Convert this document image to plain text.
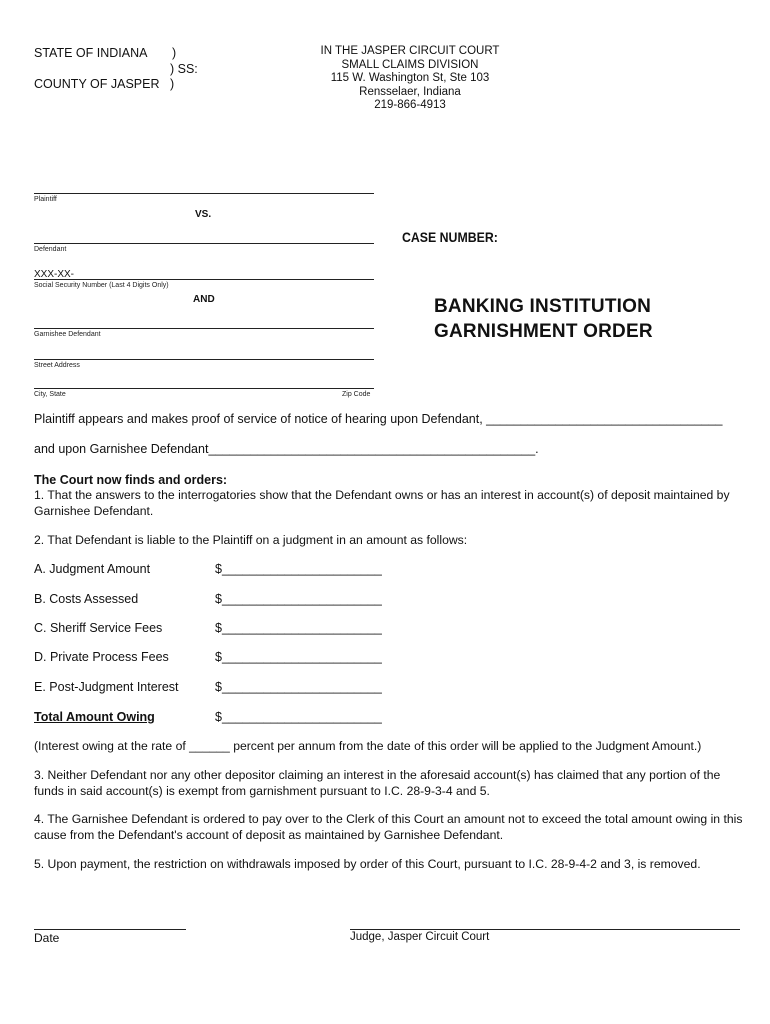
STATE OF INDIANA )
) SS:
COUNTY OF JASPER )
IN THE JASPER CIRCUIT COURT
SMALL CLAIMS DIVISION
115 W. Washington St, Ste 103
Rensselaer, Indiana
219-866-4913
Plaintiff
VS.
Defendant
XXX-XX-
Social Security Number (Last 4 Digits Only)
AND
Garnishee Defendant
Street Address
City, State	Zip Code
CASE NUMBER:
BANKING INSTITUTION
GARNISHMENT ORDER
Plaintiff appears and makes proof of service of notice of hearing upon Defendant, __________________________________
and upon Garnishee Defendant_______________________________________________.
The Court now finds and orders:
1. That the answers to the interrogatories show that the Defendant owns or has an interest in account(s) of deposit maintained by Garnishee Defendant.
2. That Defendant is liable to the Plaintiff on a judgment in an amount as follows:
A. Judgment Amount	$_______________________
B. Costs Assessed	$_______________________
C. Sheriff Service Fees	$_______________________
D. Private Process Fees	$_______________________
E. Post-Judgment Interest	$_______________________
Total Amount Owing	$_______________________
(Interest owing at the rate of ______ percent per annum from the date of this order will be applied to the Judgment Amount.)
3. Neither Defendant nor any other depositor claiming an interest in the aforesaid account(s) has claimed that any portion of the funds in said account(s) is exempt from garnishment pursuant to I.C. 28-9-3-4 and 5.
4. The Garnishee Defendant is ordered to pay over to the Clerk of this Court an amount not to exceed the total amount owing in this cause from the Defendant's account of deposit as maintained by Garnishee Defendant.
5. Upon payment, the restriction on withdrawals imposed by order of this Court, pursuant to I.C. 28-9-4-2 and 3, is removed.
Date	Judge, Jasper Circuit Court
